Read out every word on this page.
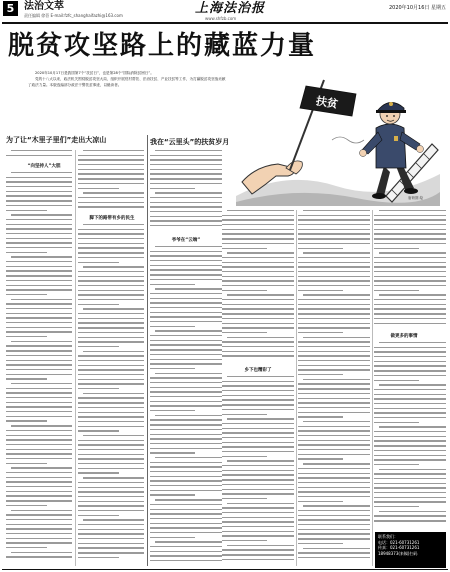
5 法治文萃
责任编辑 徐蓓 E-mail:fzfc_shanghaifazhi@163.com	上海法治报
www.shfzb.com
2020年10月16日 星期五
脱贫攻坚路上的藏蓝力量

2020年10月17日是我国第7个“扶贫日”，也是第28个“国际消除贫困日”。

党的十八大以来，政法机关围绕脱贫攻坚大局，组织开展驻村帮扶、法治扶贫、产业扶贫等工作，为打赢脱贫攻坚战贡献了政法力量。本版选编部分政法干警扶贫事迹，以飨读者。

扶贫
唐荷图 绘
为了让“木里子里们”走出大凉山	我在“云里头”的扶贫岁月
“向坚持人”大胆
脚下的路带有乡的民生
爷爷在“云端”
乡下也精彩了
做更多的事情
联系我们：
电话：021-60731261
传真：021-60731261
18948373(来稿)扫码
